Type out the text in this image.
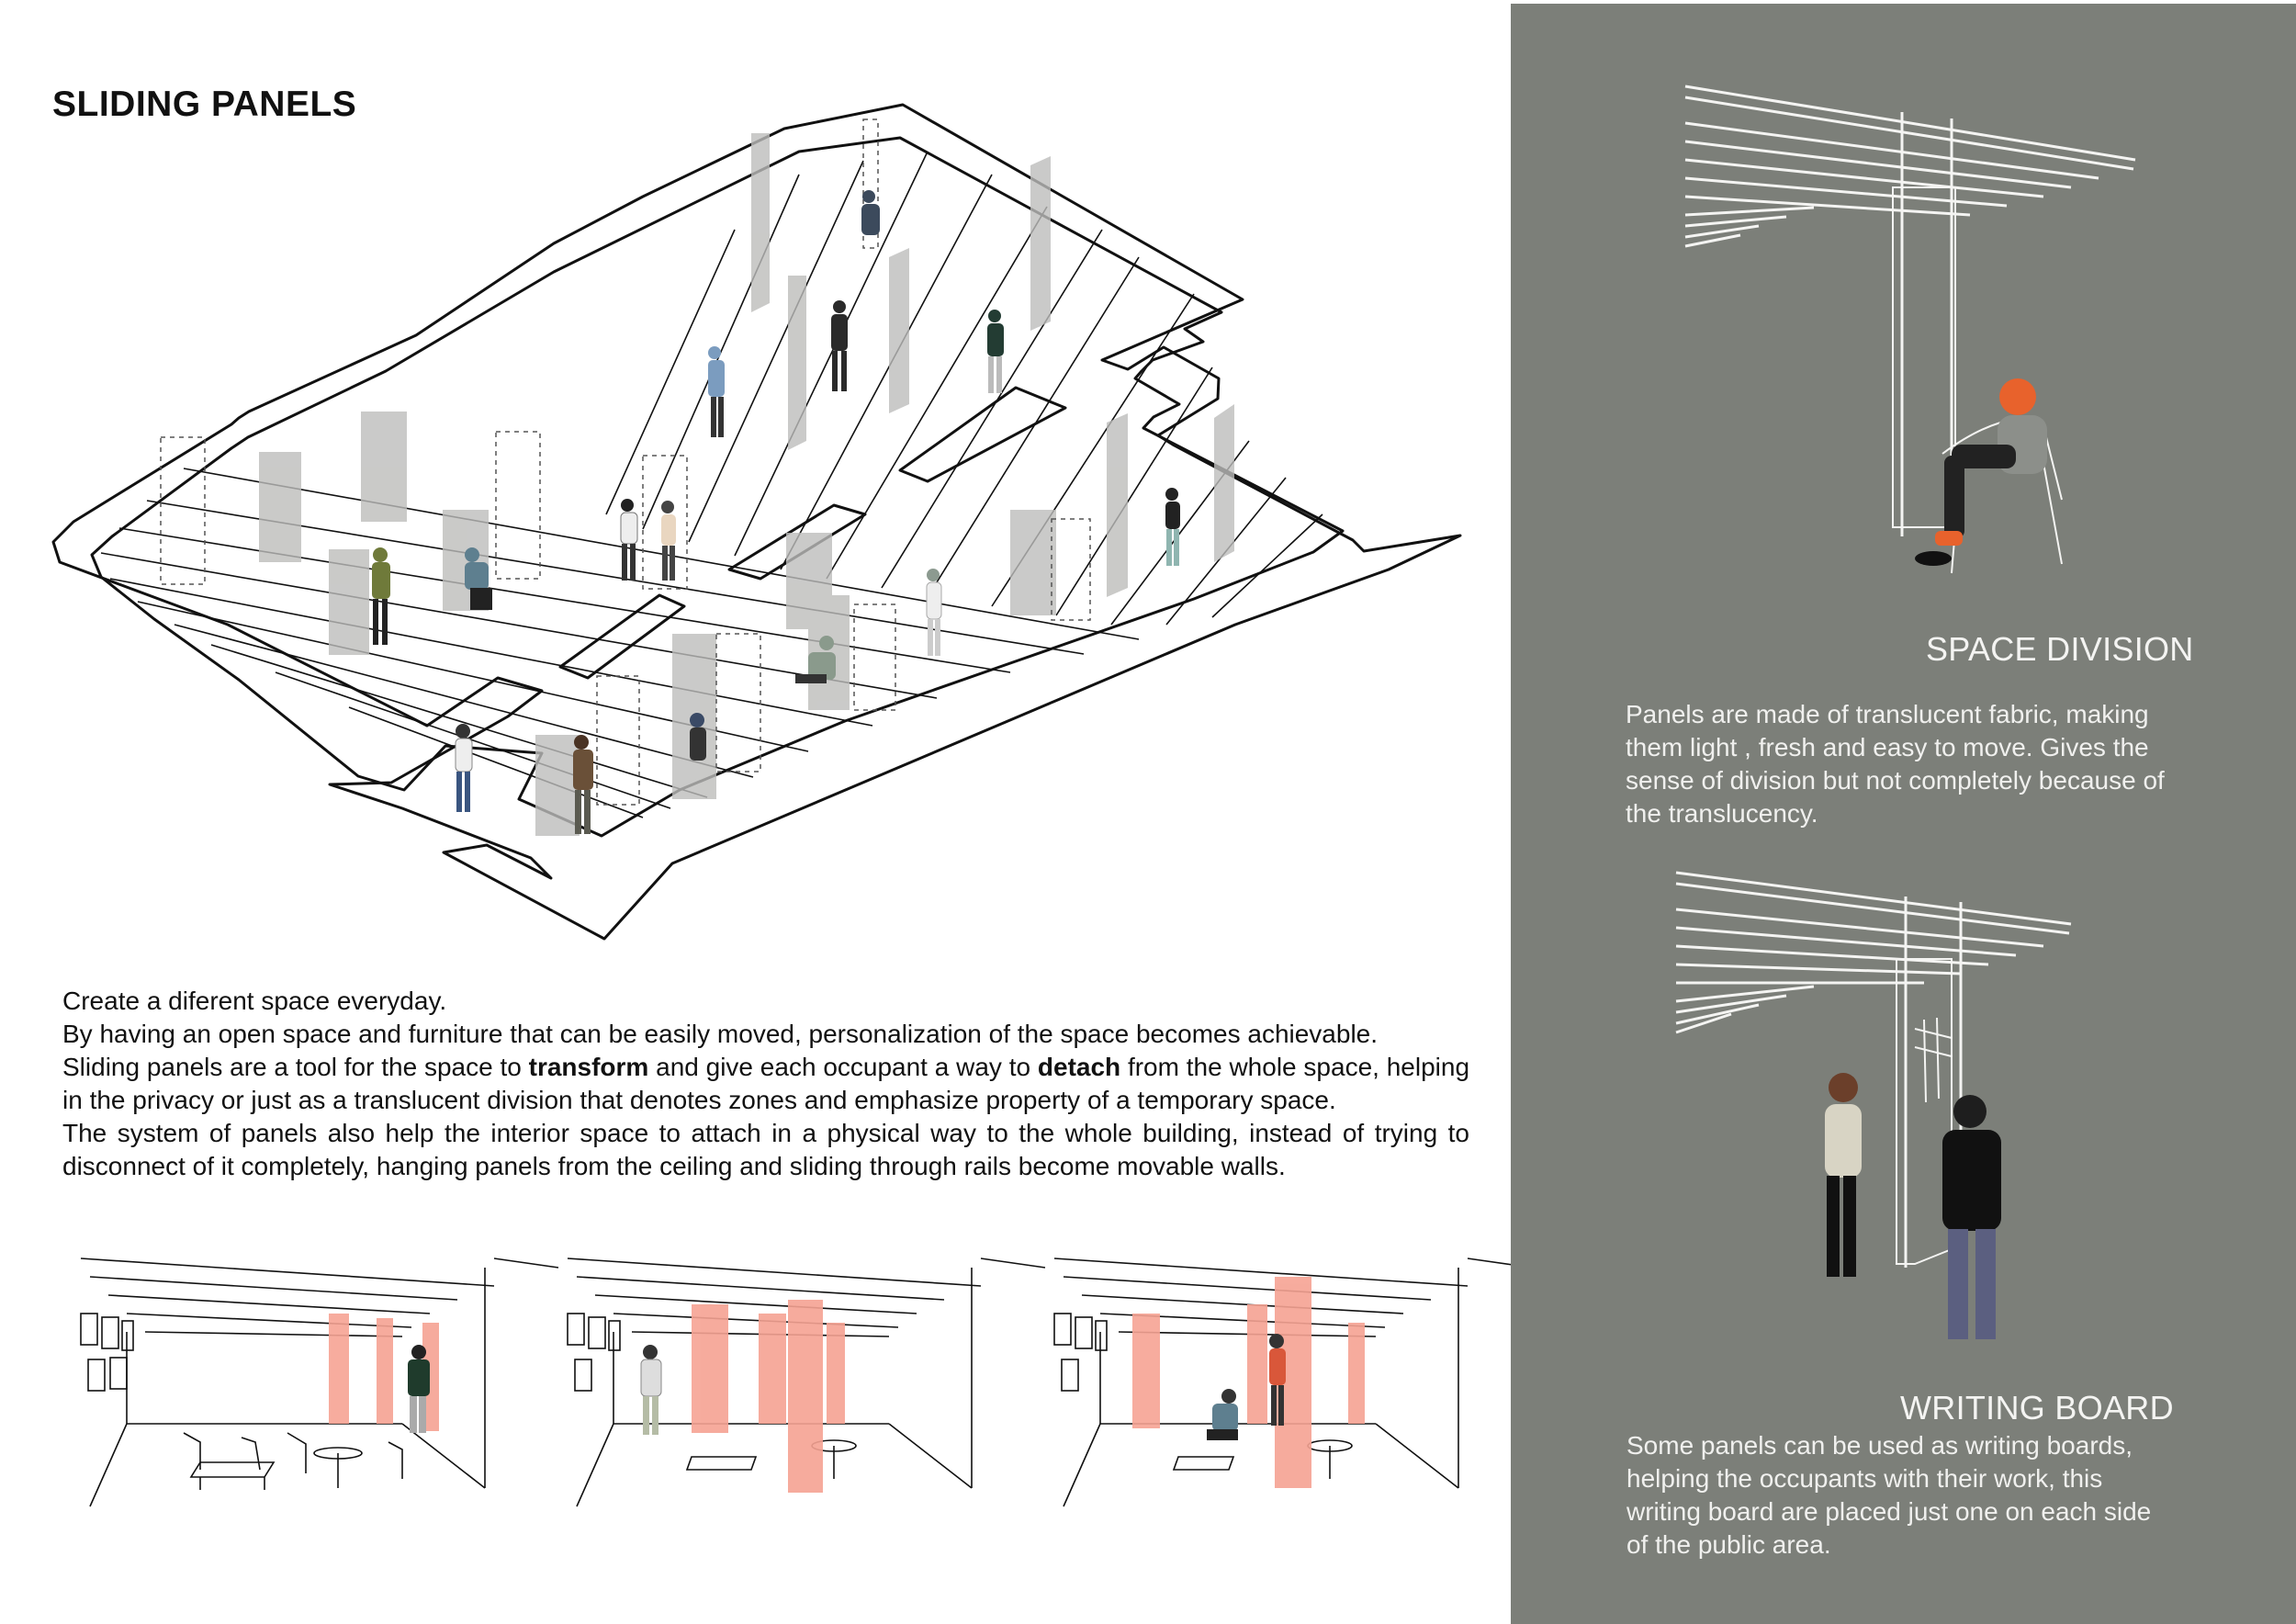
SLIDING PANELS

Create a diferent space everyday.

By having an open space and furniture that can be easily moved, personalization of the space becomes achievable.

Sliding panels are a tool for the space to transform and give each occupant a way to detach from the whole space, helping in the privacy or just as a translucent division that denotes zones and emphasize property of a temporary space.

The system of panels also help the interior space to attach in a physical way to the whole building, instead of trying to disconnect of it completely, hanging panels from the ceiling and sliding through rails become movable walls.

SPACE DIVISION
Panels are made of translucent fabric, making them light , fresh and easy to move. Gives the sense of division but not completely because of the translucency.
WRITING BOARD
Some panels can be used as writing boards, helping the occupants with their work, this writing board are placed just one on each side of the public area.
